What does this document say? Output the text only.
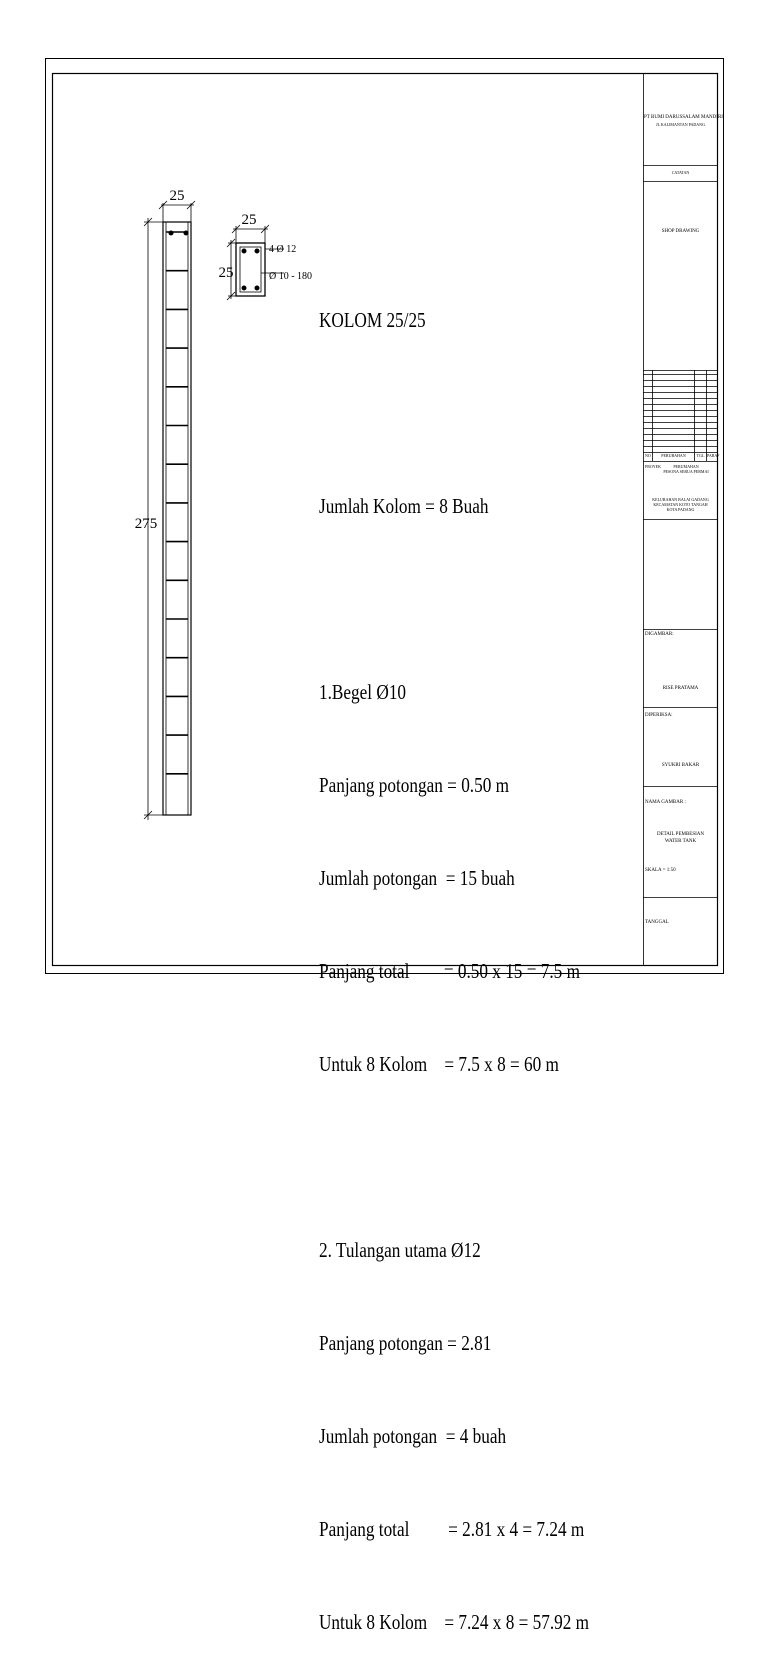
25
275
25
25
4 Ø 12
Ø 10 - 180

KOLOM 25/25

Jumlah Kolom = 8 Buah

1.Begel Ø10

Panjang potongan = 0.50 m

Jumlah potongan  = 15 buah

Panjang total        = 0.50 x 15 = 7.5 m

Untuk 8 Kolom    = 7.5 x 8 = 60 m

2. Tulangan utama Ø12

Panjang potongan = 2.81

Jumlah potongan  = 4 buah

Panjang total         = 2.81 x 4 = 7.24 m

Untuk 8 Kolom    = 7.24 x 8 = 57.92 m

PT BUMI DARUSSALAM MANDIRI
JL KALIMANTAN PADANG
CATATAN
SHOP DRAWING
NO	PERUBAHAN	TGL PARAF
PROYEK	PERUMAHAN
PESONA SERUA PERMAI
KELURAHAN BALAI GADANG
KECAMATAN KOTO TANGAH
KOTA PADANG
DIGAMBAR:
RISE PRATAMA
DIPERIKSA:
SYUKRI BAKAR
NAMA GAMBAR :
DETAIL PEMBESIAN
WATER TANK
SKALA = 1:50
TANGGAL
